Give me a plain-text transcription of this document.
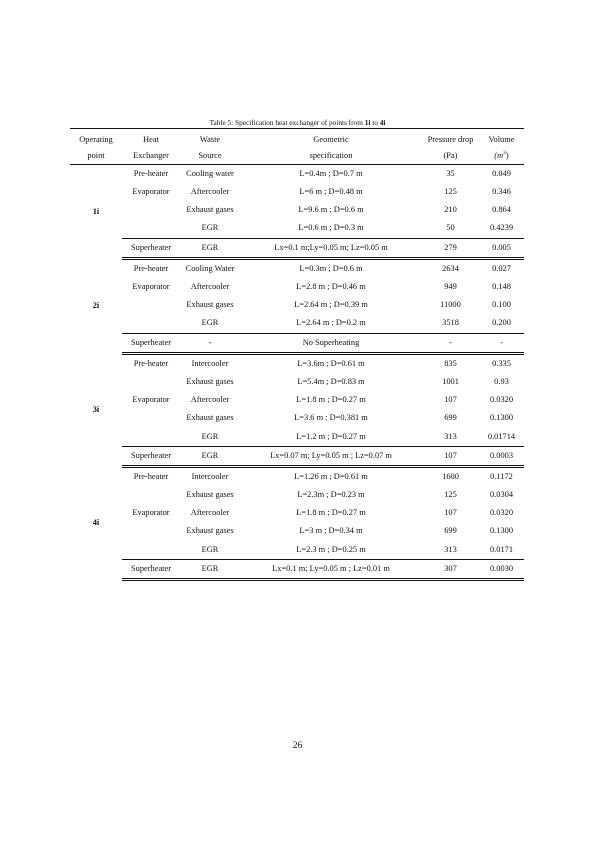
Table 5: Specification heat exchanger of points from 1i to 4i
Operating	Heat	Waste	Geometric	Pressure drop	Volume
point	Exchanger	Source	specification	(Pa)	$(m^3)$
1i	Pre-heater	Cooling water	L=0.4m ; D=0.7 m	35	0.049
	Evaporator	Aftercooler	L=6 m ; D=0.48 m	125	0.346
		Exhaust gases	L=9.6 m ; D=0.6 m	210	0.864
		EGR	L=0.6 m ; D=0.3 m	50	0.4239
	Superheater	EGR	Lx=0.1 m;Ly=0.05 m; Lz=0.05 m	279	0.005
2i	Pre-heater	Cooling Water	L=0.3m ; D=0.6 m	2634	0.027
	Evaporator	Aftercooler	L=2.8 m ; D=0.46 m	949	0.148
		Exhaust gases	L=2.64 m ; D=0.39 m	11000	0.100
		EGR	L=2.64 m ; D=0.2 m	3518	0.200
	Superheater	-	No Superheating	-	-
3i	Pre-heater	Intercooler	L=3.6m ; D=0.61 m	835	0.335
		Exhaust gases	L=5.4m ; D=0.83 m	1001	0.93
	Evaporator	Aftercooler	L=1.8 m ; D=0.27 m	107	0.0320
		Exhaust gases	L=3.6 m ; D=0.381 m	699	0.1300
		EGR	L=1.2 m ; D=0.27 m	313	0.01714
	Superheater	EGR	Lx=0.07 m; Ly=0.05 m ; Lz=0.07 m	107	0.0003
4i	Pre-heater	Intercooler	L=1.26 m ; D=0.61 m	1600	0.1172
		Exhaust gases	L=2.3m ; D=0.23 m	125	0.0304
	Evaporator	Aftercooler	L=1.8 m ; D=0.27 m	107	0.0320
		Exhaust gases	L=3 m ; D=0.34 m	699	0.1300
		EGR	L=2.3 m ; D=0.25 m	313	0.0171
	Superheater	EGR	Lx=0.1 m; Ly=0.05 m ; Lz=0.01 m	307	0.0030
26
